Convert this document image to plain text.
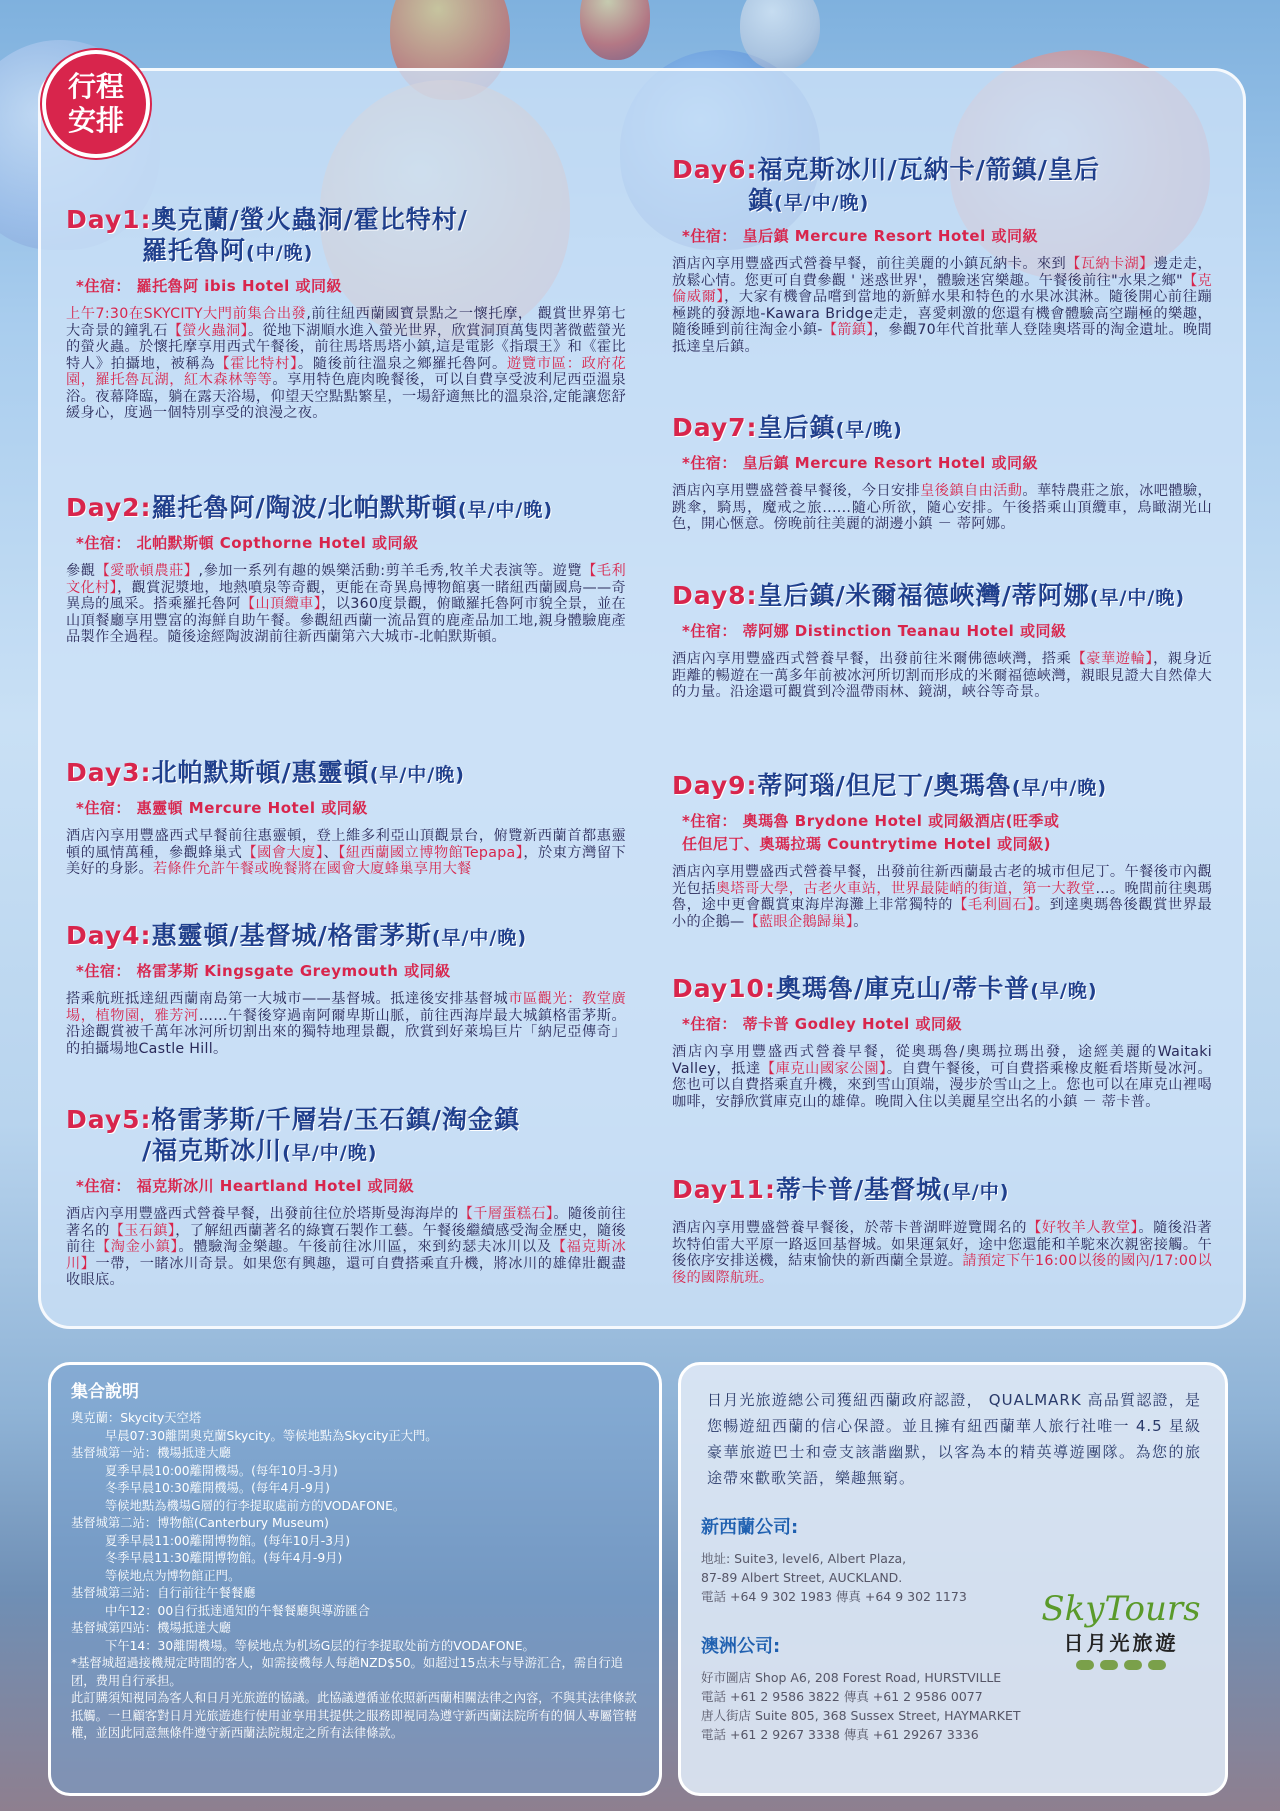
行程
安排
Day1:奧克蘭/螢火蟲洞/霍比特村/
羅托魯阿(中/晚)
*住宿： 羅托魯阿 ibis Hotel 或同級
上午7:30在SKYCITY大門前集合出發,前往紐西蘭國寶景點之一懷托摩， 觀賞世界第七大奇景的鐘乳石【螢火蟲洞】。從地下湖順水進入螢光世界，欣賞洞頂萬隻閃著微藍螢光的螢火蟲。於懷托摩享用西式午餐後，前往馬塔馬塔小鎮,這是電影《指環王》和《霍比特人》拍攝地，被稱為【霍比特村】。隨後前往溫泉之鄉羅托魯阿。遊覽市區：政府花園，羅托魯瓦湖，紅木森林等等。享用特色鹿肉晚餐後，可以自費享受波利尼西亞溫泉浴。夜幕降臨，躺在露天浴場，仰望天空點點繁星，一場舒適無比的溫泉浴,定能讓您舒緩身心，度過一個特別享受的浪漫之夜。
Day2:羅托魯阿/陶波/北帕默斯頓(早/中/晚)
*住宿： 北帕默斯頓 Copthorne Hotel 或同級
參觀【愛歌頓農莊】,參加一系列有趣的娛樂活動:剪羊毛秀,牧羊犬表演等。遊覽【毛利文化村】，觀賞泥漿地，地熱噴泉等奇觀，更能在奇異鳥博物館裏一睹紐西蘭國鳥——奇異鳥的風采。搭乘羅托魯阿【山頂纜車】，以360度景觀，俯瞰羅托魯阿市貌全景，並在山頂餐廳享用豐富的海鮮自助午餐。參觀紐西蘭一流品質的鹿產品加工地,親身體驗鹿產品製作全過程。隨後途經陶波湖前往新西蘭第六大城市-北帕默斯頓。
Day3:北帕默斯頓/惠靈頓(早/中/晚)
*住宿： 惠靈頓 Mercure Hotel 或同級
酒店內享用豐盛西式早餐前往惠靈頓，登上維多利亞山頂觀景台，俯覽新西蘭首都惠靈頓的風情萬種，參觀蜂巢式【國會大廈】、【紐西蘭國立博物館Tepapa】，於東方灣留下美好的身影。若條件允許午餐或晚餐將在國會大廈蜂巢享用大餐
Day4:惠靈頓/基督城/格雷茅斯(早/中/晚)
*住宿： 格雷茅斯 Kingsgate Greymouth 或同級
搭乘航班抵達紐西蘭南島第一大城市——基督城。抵達後安排基督城市區觀光：教堂廣場，植物園，雅芳河……午餐後穿過南阿爾卑斯山脈，前往西海岸最大城鎮格雷茅斯。沿途觀賞被千萬年冰河所切割出來的獨特地理景觀，欣賞到好萊塢巨片「納尼亞傳奇」的拍攝場地Castle Hill。
Day5:格雷茅斯/千層岩/玉石鎮/淘金鎮
/福克斯冰川(早/中/晚)
*住宿： 福克斯冰川 Heartland Hotel 或同級
酒店內享用豐盛西式營養早餐，出發前往位於塔斯曼海海岸的【千層蛋糕石】。隨後前往著名的【玉石鎮】，了解紐西蘭著名的綠寶石製作工藝。午餐後繼續感受淘金歷史，隨後前往【淘金小鎮】。體驗淘金樂趣。午後前往冰川區，來到約瑟夫冰川以及【福克斯冰川】一帶，一睹冰川奇景。如果您有興趣，還可自費搭乘直升機，將冰川的雄偉壯觀盡收眼底。
Day6:福克斯冰川/瓦納卡/箭鎮/皇后
鎮(早/中/晚)
*住宿： 皇后鎮 Mercure Resort Hotel 或同級
酒店內享用豐盛西式營養早餐，前往美麗的小鎮瓦納卡。來到【瓦納卡湖】邊走走，放鬆心情。您更可自費參觀 ' 迷惑世界'，體驗迷宮樂趣。午餐後前往"水果之鄉"【克倫威爾】，大家有機會品嚐到當地的新鮮水果和特色的水果冰淇淋。隨後開心前往蹦極跳的發源地-Kawara Bridge走走，喜愛刺激的您還有機會體驗高空蹦極的樂趣，隨後睡到前往淘金小鎮-【箭鎮】，參觀70年代首批華人登陸奧塔哥的淘金遺址。晚間抵達皇后鎮。
Day7:皇后鎮(早/晚)
*住宿： 皇后鎮 Mercure Resort Hotel 或同級
酒店內享用豐盛營養早餐後，今日安排皇後鎮自由活動。華特農莊之旅，冰吧體驗，跳傘，騎馬，魔戒之旅......隨心所欲，隨心安排。午後搭乘山頂纜車，鳥瞰湖光山色，開心愜意。傍晚前往美麗的湖邊小鎮 － 蒂阿娜。
Day8:皇后鎮/米爾福德峽灣/蒂阿娜(早/中/晚)
*住宿： 蒂阿娜 Distinction Teanau Hotel 或同級
酒店內享用豐盛西式營養早餐，出發前往米爾佛德峽灣，搭乘【豪華遊輪】，親身近距離的暢遊在一萬多年前被冰河所切割而形成的米爾福德峽灣，親眼見證大自然偉大的力量。沿途還可觀賞到冷溫帶雨林、鏡湖，峽谷等奇景。
Day9:蒂阿瑙/但尼丁/奧瑪魯(早/中/晚)
*住宿： 奧瑪魯 Brydone Hotel 或同級酒店(旺季或
任但尼丁、奧瑪拉瑪 Countrytime Hotel 或同級)
酒店內享用豐盛西式營養早餐，出發前往新西蘭最古老的城市但尼丁。午餐後市內觀光包括奧塔哥大學，古老火車站，世界最陡峭的街道，第一大教堂…。晚間前往奧瑪魯，途中更會觀賞東海岸海灘上非常獨特的【毛利圓石】。到達奧瑪魯後觀賞世界最小的企鵝—【藍眼企鵝歸巢】。
Day10:奧瑪魯/庫克山/蒂卡普(早/晚)
*住宿： 蒂卡普 Godley Hotel 或同級
酒店內享用豐盛西式營養早餐，從奧瑪魯/奧瑪拉瑪出發，途經美麗的Waitaki Valley，抵達【庫克山國家公園】。自費午餐後，可自費搭乘橡皮艇看塔斯曼冰河。您也可以自費搭乘直升機，來到雪山頂端，漫步於雪山之上。您也可以在庫克山裡喝咖啡，安靜欣賞庫克山的雄偉。晚間入住以美麗星空出名的小鎮 － 蒂卡普。
Day11:蒂卡普/基督城(早/中)
酒店內享用豐盛營養早餐後，於蒂卡普湖畔遊覽聞名的【好牧羊人教堂】。隨後沿著坎特伯雷大平原一路返回基督城。如果運氣好，途中您還能和羊駝來次親密接觸。午後依序安排送機，結束愉快的新西蘭全景遊。請預定下午16:00以後的國內/17:00以後的國際航班。
集合說明
奧克蘭：Skycity天空塔
早晨07:30離開奧克蘭Skycity。等候地點為Skycity正大門。
基督城第一站：機場抵達大廳
夏季早晨10:00離開機場。(每年10月-3月)
冬季早晨10:30離開機場。(每年4月-9月)
等候地點為機場G層的行李提取處前方的VODAFONE。
基督城第二站：博物館(Canterbury Museum)
夏季早晨11:00離開博物館。(每年10月-3月)
冬季早晨11:30離開博物館。(每年4月-9月)
等候地点为博物館正門。
基督城第三站：自行前往午餐餐廳
中午12：00自行抵達通知的午餐餐廳與導游匯合
基督城第四站：機場抵達大廳
下午14：30離開機場。等候地点为机场G层的行李提取处前方的VODAFONE。
*基督城超過接機規定時間的客人，如需接機每人每趟NZD$50。如超过15点未与导游汇合，需自行追团，费用自行承担。
此訂購須知視同為客人和日月光旅遊的協議。此協議遵循並依照新西蘭相關法律之內容，不與其法律條款抵觸。一旦顧客對日月光旅遊進行使用並享用其提供之服務即視同為遵守新西蘭法院所有的個人專屬管轄權，並因此同意無條件遵守新西蘭法院規定之所有法律條款。
日月光旅遊總公司獲紐西蘭政府認證， QUALMARK 高品質認證，是您暢遊紐西蘭的信心保證。並且擁有紐西蘭華人旅行社唯一 4.5 星級豪華旅遊巴士和壹支該諧幽默，以客為本的精英導遊團隊。為您的旅途帶來歡歌笑語，樂趣無窮。
新西蘭公司:
地址: Suite3, level6, Albert Plaza,
87-89 Albert Street, AUCKLAND.
電話 +64 9 302 1983 傳真 +64 9 302 1173
澳洲公司:
好市圖店 Shop A6, 208 Forest Road, HURSTVILLE
電話 +61 2 9586 3822 傳真 +61 2 9586 0077
唐人街店 Suite 805, 368 Sussex Street, HAYMARKET
電話 +61 2 9267 3338 傳真 +61 29267 3336
SkyTours
日月光旅遊
